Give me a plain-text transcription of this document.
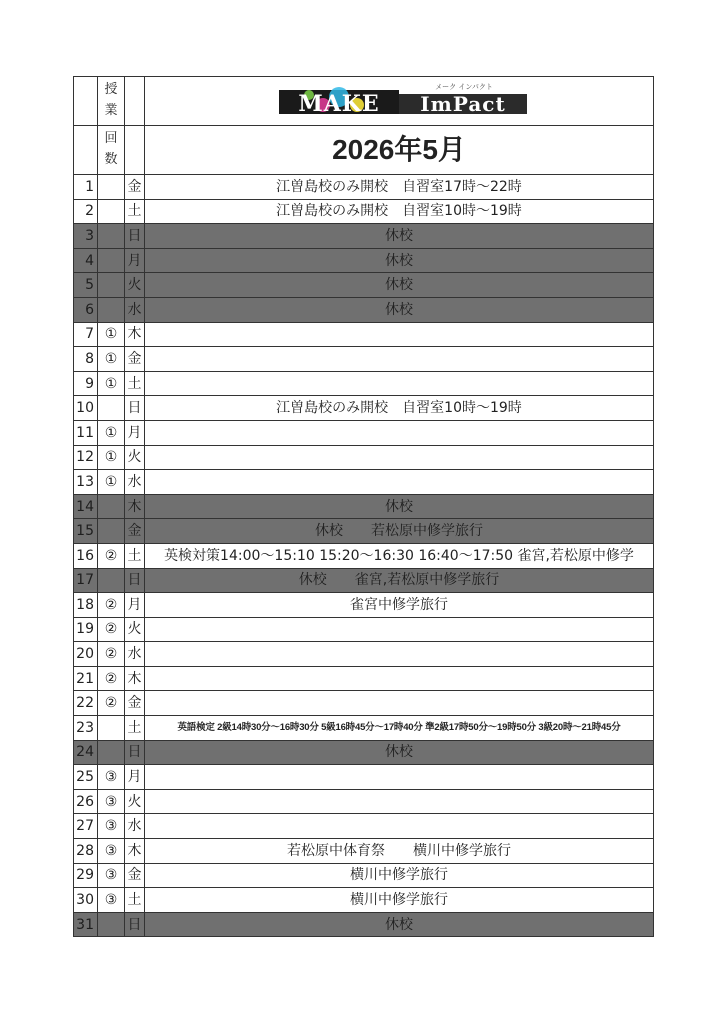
	授
業		メーク インパクト
MAKE ImPact

	回
数		2026年5月
1		金	江曽島校のみ開校　自習室17時〜22時
2		土	江曽島校のみ開校　自習室10時〜19時
3		日	休校
4		月	休校
5		火	休校
6		水	休校
7	①	木	
8	①	金	
9	①	土	
10		日	江曽島校のみ開校　自習室10時〜19時
11	①	月	
12	①	火	
13	①	水	
14		木	休校
15		金	休校　　若松原中修学旅行
16	②	土	英検対策14:00〜15:10 15:20〜16:30 16:40〜17:50 雀宮,若松原中修学
17		日	休校　　雀宮,若松原中修学旅行
18	②	月	雀宮中修学旅行
19	②	火	
20	②	水	
21	②	木	
22	②	金	
23		土	英語検定 2級14時30分〜16時30分 5級16時45分〜17時40分 準2級17時50分〜19時50分 3級20時〜21時45分
24		日	休校
25	③	月	
26	③	火	
27	③	水	
28	③	木	若松原中体育祭　　横川中修学旅行
29	③	金	横川中修学旅行
30	③	土	横川中修学旅行
31		日	休校
